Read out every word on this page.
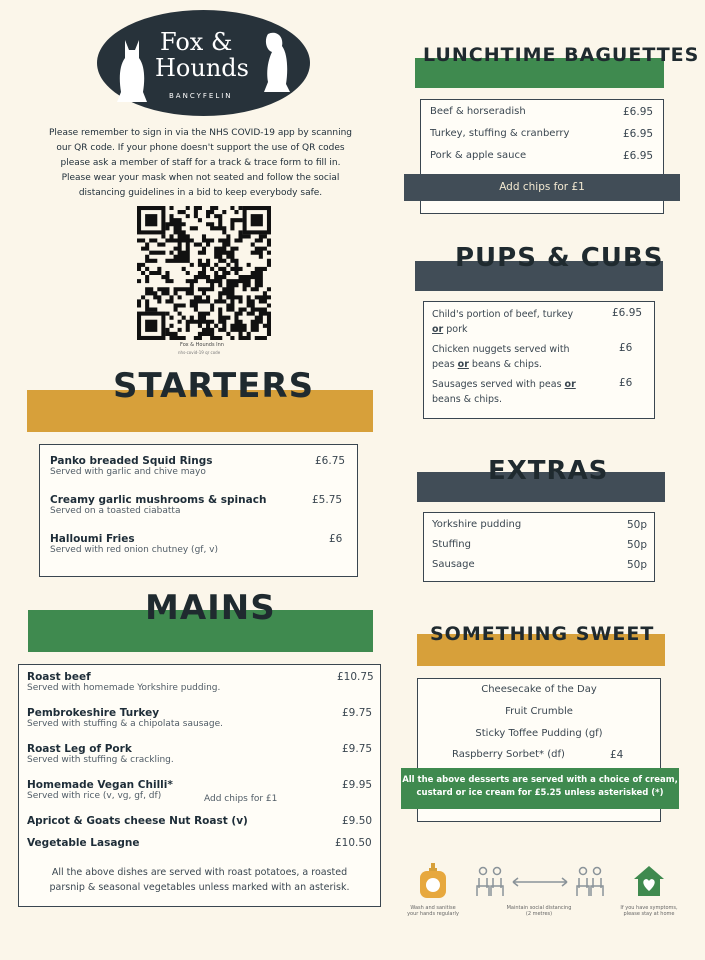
Fox &
Hounds
BANCYFELIN
Please remember to sign in via the NHS COVID-19 app by scanning
our QR code. If your phone doesn't support the use of QR codes
please ask a member of staff for a track & trace form to fill in.
Please wear your mask when not seated and follow the social
distancing guidelines in a bid to keep everybody safe.
Fox & Hounds Inn
nhs-covid-19 qr code
STARTERS
Panko breaded Squid Rings
Served with garlic and chive mayo
£6.75
Creamy garlic mushrooms & spinach
Served on a toasted ciabatta
£5.75
Halloumi Fries
Served with red onion chutney (gf, v)
£6
MAINS
Roast beef
Served with homemade Yorkshire pudding.
£10.75
Pembrokeshire Turkey
Served with stuffing & a chipolata sausage.
£9.75
Roast Leg of Pork
Served with stuffing & crackling.
£9.75
Homemade Vegan Chilli*
Served with rice (v, vg, gf, df)	Add chips for £1
£9.95
Apricot & Goats cheese Nut Roast (v)	£9.50
Vegetable Lasagne	£10.50
All the above dishes are served with roast potatoes, a roasted
parsnip & seasonal vegetables unless marked with an asterisk.
LUNCHTIME BAGUETTES
Beef & horseradish	£6.95
Turkey, stuffing & cranberry	£6.95
Pork & apple sauce	£6.95
Add chips for £1
PUPS & CUBS
Child's portion of beef, turkey
or pork
£6.95
Chicken nuggets served with
peas or beans & chips.
£6
Sausages served with peas or
beans & chips.
£6
EXTRAS
Yorkshire pudding	50p
Stuffing	50p
Sausage	50p
SOMETHING SWEET
Cheesecake of the Day
Fruit Crumble
Sticky Toffee Pudding (gf)
Raspberry Sorbet* (df)	£4
All the above desserts are served with a choice of cream,
custard or ice cream for £5.25 unless asterisked (*)
Wash and sanitise
your hands regularly
Maintain social distancing
(2 metres)
If you have symptoms,
please stay at home
